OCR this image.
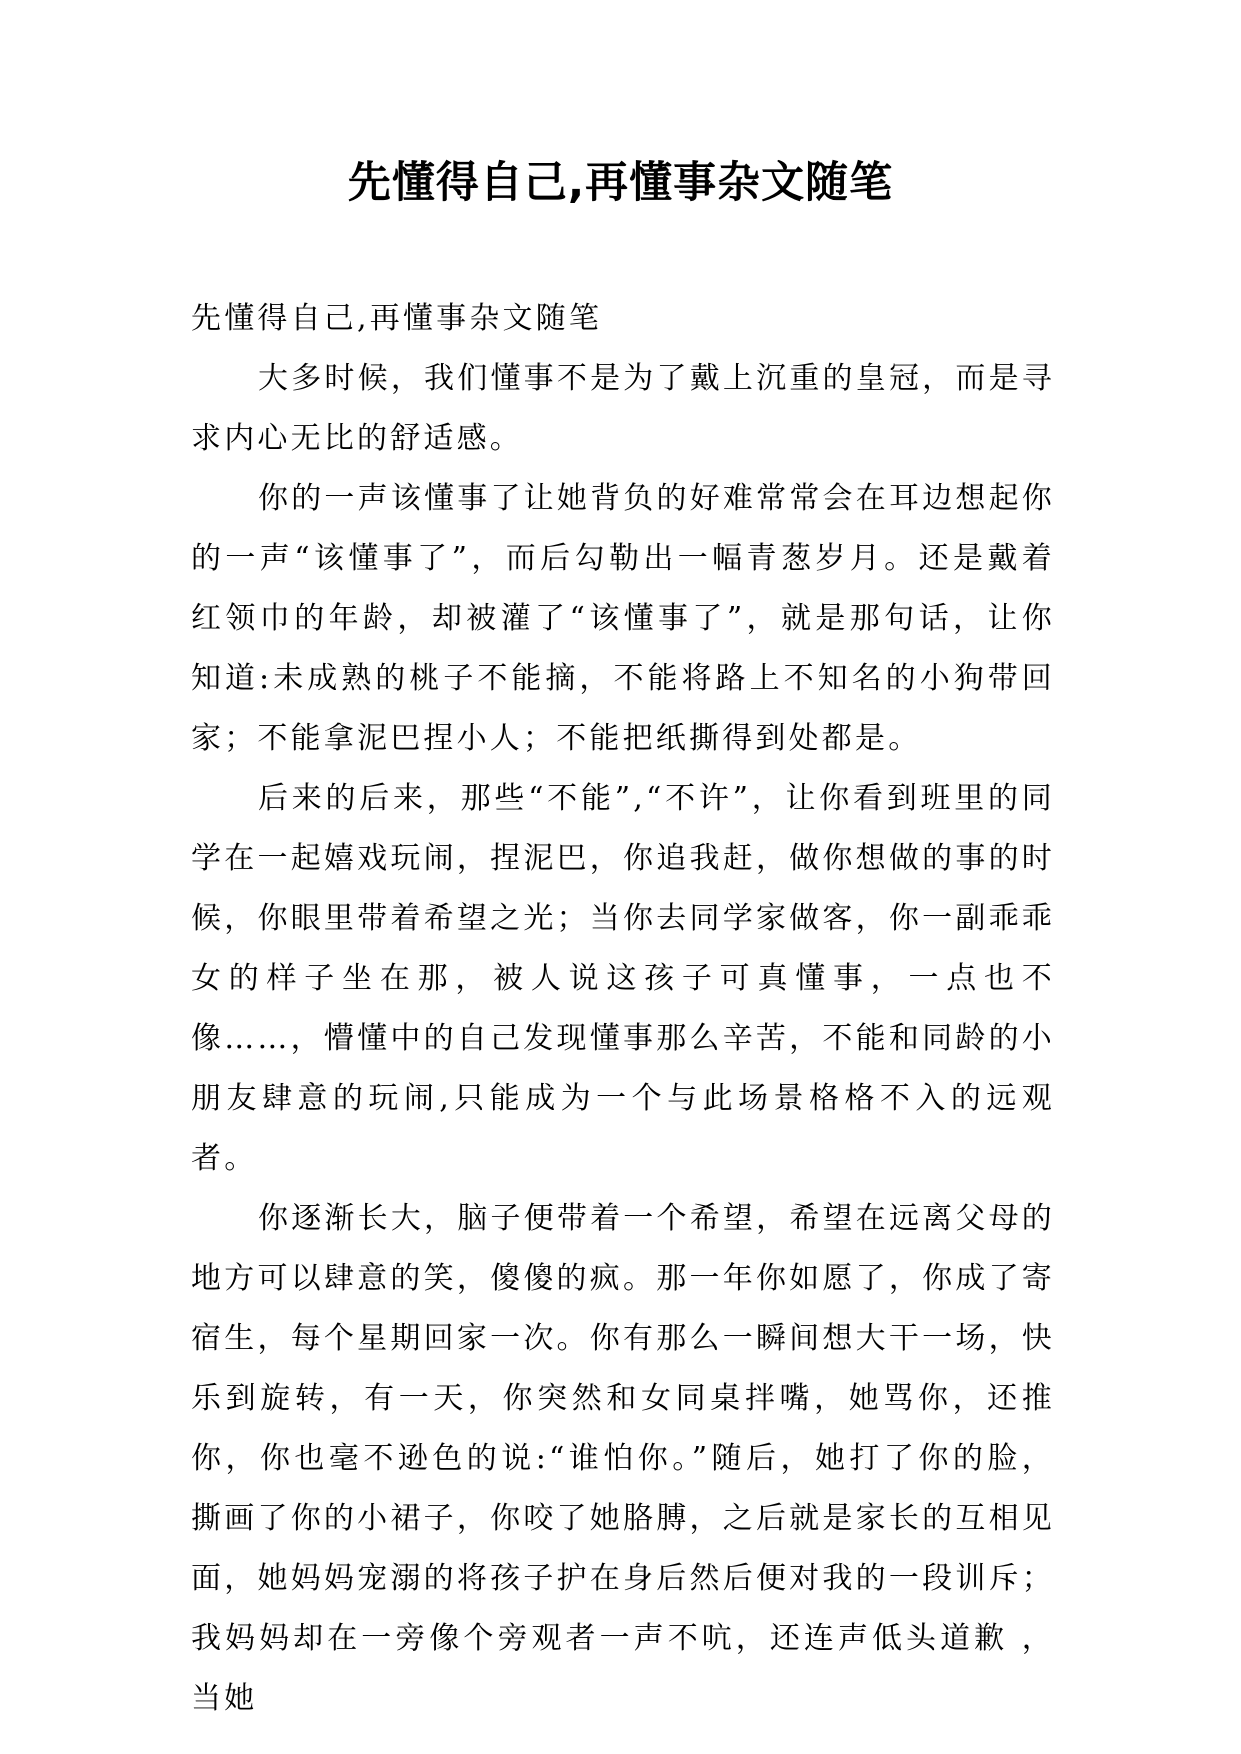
先懂得自己,再懂事杂文随笔

先懂得自己,再懂事杂文随笔

大多时候，我们懂事不是为了戴上沉重的皇冠，而是寻求内心无比的舒适感。

你的一声该懂事了让她背负的好难常常会在耳边想起你的一声“该懂事了”，而后勾勒出一幅青葱岁月。还是戴着红领巾的年龄，却被灌了“该懂事了”，就是那句话，让你知道:未成熟的桃子不能摘，不能将路上不知名的小狗带回家；不能拿泥巴捏小人；不能把纸撕得到处都是。

后来的后来，那些“不能”,“不许”，让你看到班里的同学在一起嬉戏玩闹，捏泥巴，你追我赶，做你想做的事的时候，你眼里带着希望之光；当你去同学家做客，你一副乖乖女的样子坐在那，被人说这孩子可真懂事，一点也不像……，懵懂中的自己发现懂事那么辛苦，不能和同龄的小朋友肆意的玩闹,只能成为一个与此场景格格不入的远观者。

你逐渐长大，脑子便带着一个希望，希望在远离父母的地方可以肆意的笑，傻傻的疯。那一年你如愿了，你成了寄宿生，每个星期回家一次。你有那么一瞬间想大干一场，快乐到旋转，有一天，你突然和女同桌拌嘴，她骂你，还推你，你也毫不逊色的说:“谁怕你。”随后，她打了你的脸，撕画了你的小裙子，你咬了她胳膊，之后就是家长的互相见面，她妈妈宠溺的将孩子护在身后然后便对我的一段训斥；我妈妈却在一旁像个旁观者一声不吭，还连声低头道歉 ，当她
